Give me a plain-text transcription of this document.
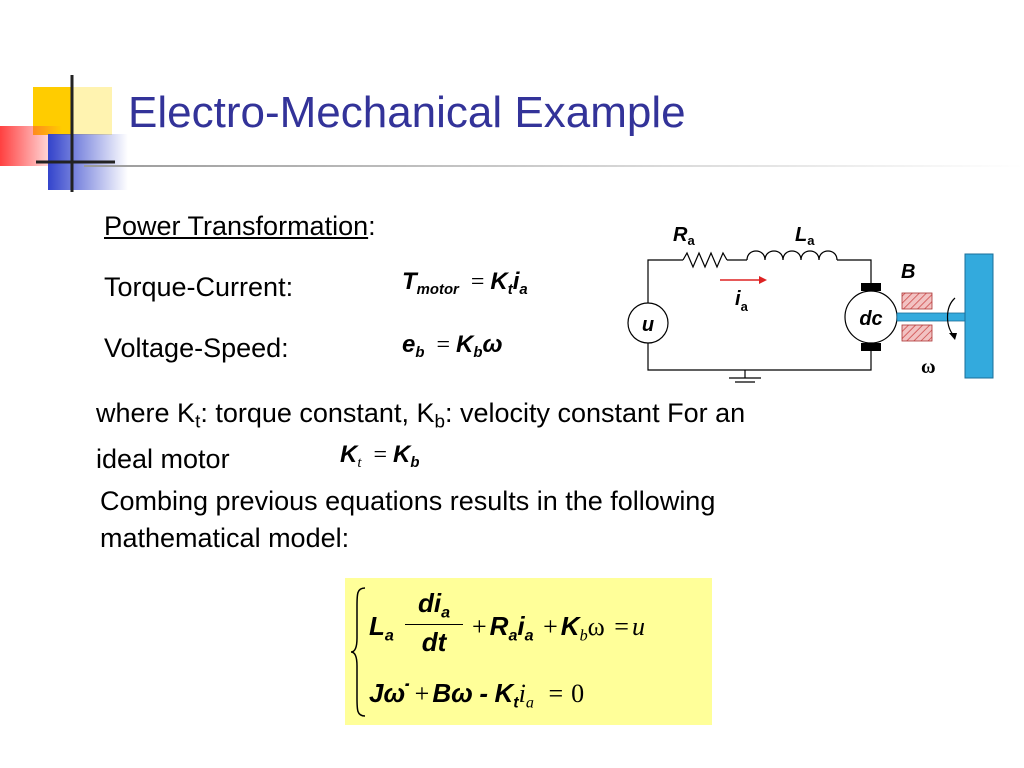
Electro-Mechanical Example
Power Transformation:
Torque-Current:
Voltage-Speed:
$T_{motor} = K_ti_a$
$e_b = K_b\omega$
where $K_t$: torque constant, $K_b$: velocity constant For an
ideal motor	$K_t = K_b$
Combing previous equations results in the following
mathematical model:
$L_a$
$di_a$
dt
+ $R_ai_a + K_b\omega = u$
Jω̇ + $B\omega - K_ti_a = 0$
u
$R_a$	$L_a$
$i_a$
dc
B
ω
